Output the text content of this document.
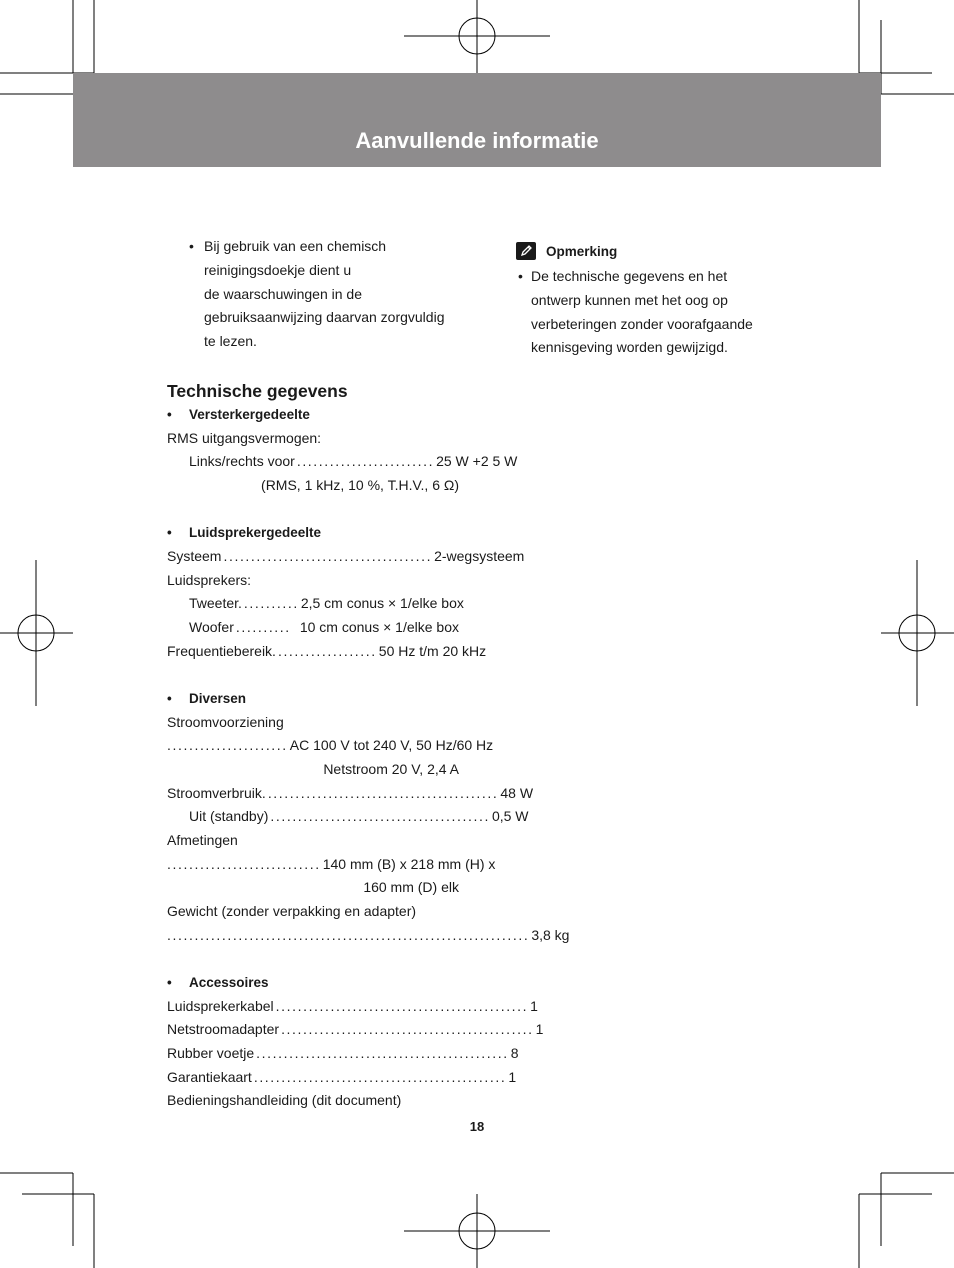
Aanvullende informatie
• Bij gebruik van een chemisch
reinigingsdoekje dient u
de waarschuwingen in de
gebruiksaanwijzing daarvan zorgvuldig
te lezen.
Technische gegevens
• Versterkergedeelte
RMS uitgangsvermogen:
Links/rechts voor ......................... 25 W +2 5 W
(RMS, 1 kHz, 10 %, T.H.V., 6 Ω)
• Luidsprekergedeelte
Systeem ...................................... 2-wegsysteem
Luidsprekers:
Tweeter. .......... 2,5 cm conus × 1/elke box
Woofer .......... 10 cm conus × 1/elke box
Frequentiebereik. .................. 50 Hz t/m 20 kHz
• Diversen
Stroomvoorziening
...................... AC 100 V tot 240 V, 50 Hz/60 Hz
Netstroom 20 V, 2,4 A
Stroomverbruik. .......................................... 48 W
Uit (standby) ........................................ 0,5 W
Afmetingen
............................ 140 mm (B) x 218 mm (H) x
160 mm (D) elk
Gewicht (zonder verpakking en adapter)
.................................................................. 3,8 kg
• Accessoires
Luidsprekerkabel .............................................. 1
Netstroomadapter .............................................. 1
Rubber voetje .............................................. 8
Garantiekaart .............................................. 1
Bedieningshandleiding (dit document)
Opmerking
• De technische gegevens en het
ontwerp kunnen met het oog op
verbeteringen zonder voorafgaande
kennisgeving worden gewijzigd.
18
